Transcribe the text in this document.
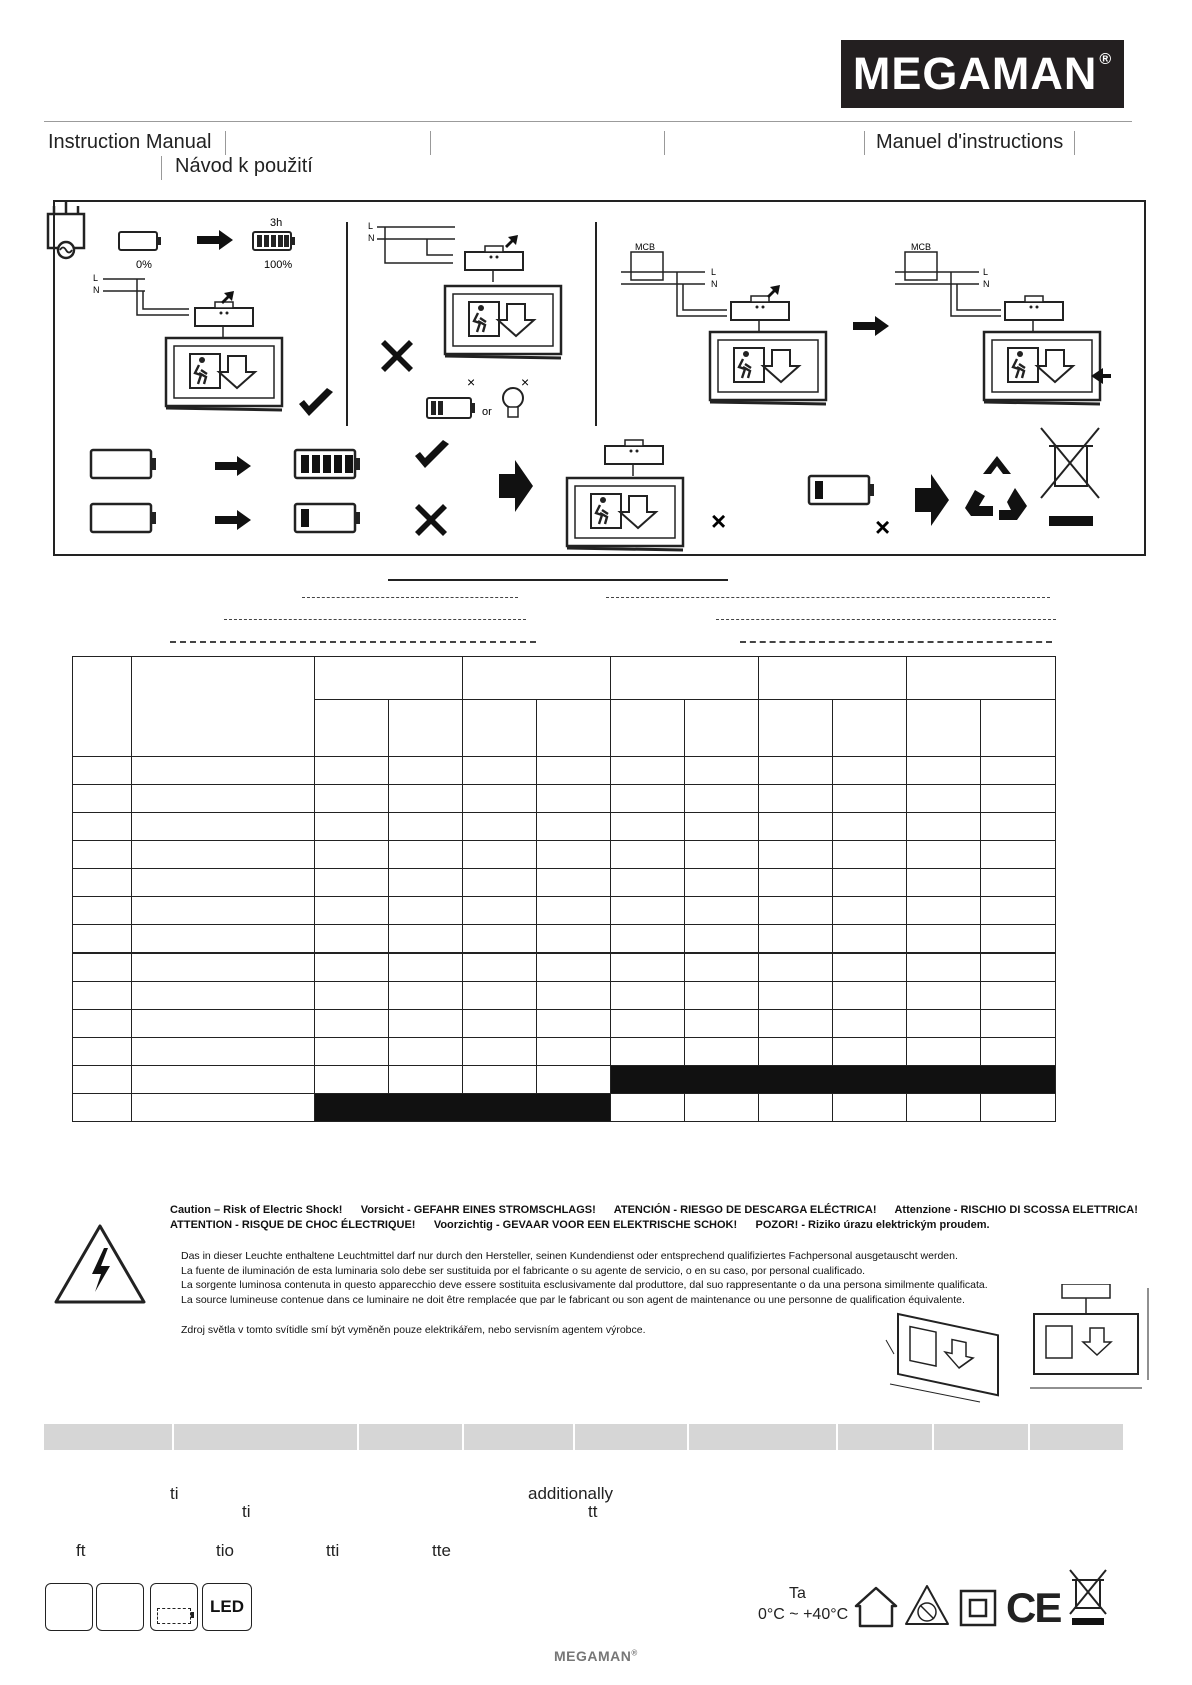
MEGAMAN®
Instruction Manual	Manuel d'instructions
Návod k použití
3h
0%	100%
L
N
L
N
×
or
×
MCB
L
N
MCB
L
N
×	×

Caution – Risk of Electric Shock! Vorsicht - GEFAHR EINES STROMSCHLAGS! ATENCIÓN - RIESGO DE DESCARGA ELÉCTRICA! Attenzione - RISCHIO DI SCOSSA ELETTRICA!
ATTENTION - RISQUE DE CHOC ÉLECTRIQUE! Voorzichtig - GEVAAR VOOR EEN ELEKTRISCHE SCHOK! POZOR! - Riziko úrazu elektrickým proudem.
Das in dieser Leuchte enthaltene Leuchtmittel darf nur durch den Hersteller, seinen Kundendienst oder entsprechend qualifiziertes Fachpersonal ausgetauscht werden.
La fuente de iluminación de esta luminaria solo debe ser sustituida por el fabricante o su agente de servicio, o en su caso, por personal cualificado.
La sorgente luminosa contenuta in questo apparecchio deve essere sostituita esclusivamente dal produttore, dal suo rappresentante o da una persona similmente qualificata.
La source lumineuse contenue dans ce luminaire ne doit être remplacée que par le fabricant ou son agent de maintenance ou une personne de qualification équivalente.
Zdroj světla v tomto svítidle smí být vyměněn pouze elektrikářem, nebo servisním agentem výrobce.
ti	additionally
ti	tt
ft	tio	tti	tte
LED
Ta
0°C ~ +40°C	CE
MEGAMAN®
